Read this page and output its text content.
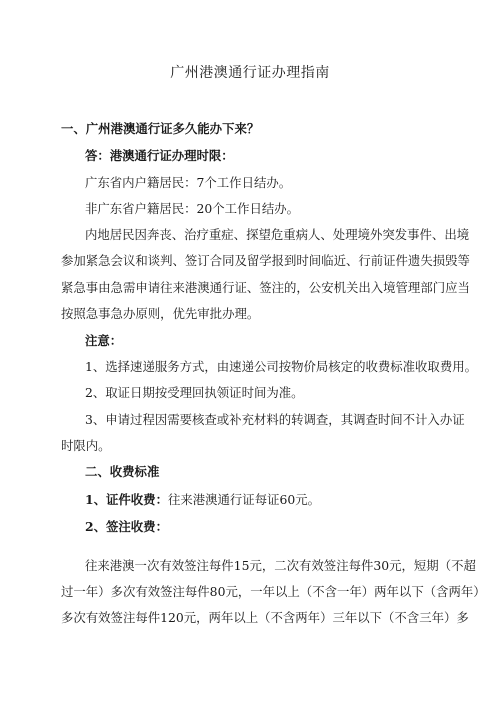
广州港澳通行证办理指南
一、广州港澳通行证多久能办下来？
答：港澳通行证办理时限：
广东省内户籍居民：7个工作日结办。
非广东省户籍居民：20个工作日结办。
内地居民因奔丧、治疗重症、探望危重病人、处理境外突发事件、出境
参加紧急会议和谈判、签订合同及留学报到时间临近、行前证件遗失损毁等
紧急事由急需申请往来港澳通行证、签注的，公安机关出入境管理部门应当
按照急事急办原则，优先审批办理。
注意：
1、选择速递服务方式，由速递公司按物价局核定的收费标准收取费用。
2、取证日期按受理回执领证时间为准。
3、申请过程因需要核查或补充材料的转调查，其调查时间不计入办证
时限内。
二、收费标准
1、证件收费：往来港澳通行证每证60元。
2、签注收费：
往来港澳一次有效签注每件15元，二次有效签注每件30元，短期（不超
过一年）多次有效签注每件80元，一年以上（不含一年）两年以下（含两年）
多次有效签注每件120元，两年以上（不含两年）三年以下（不含三年）多
